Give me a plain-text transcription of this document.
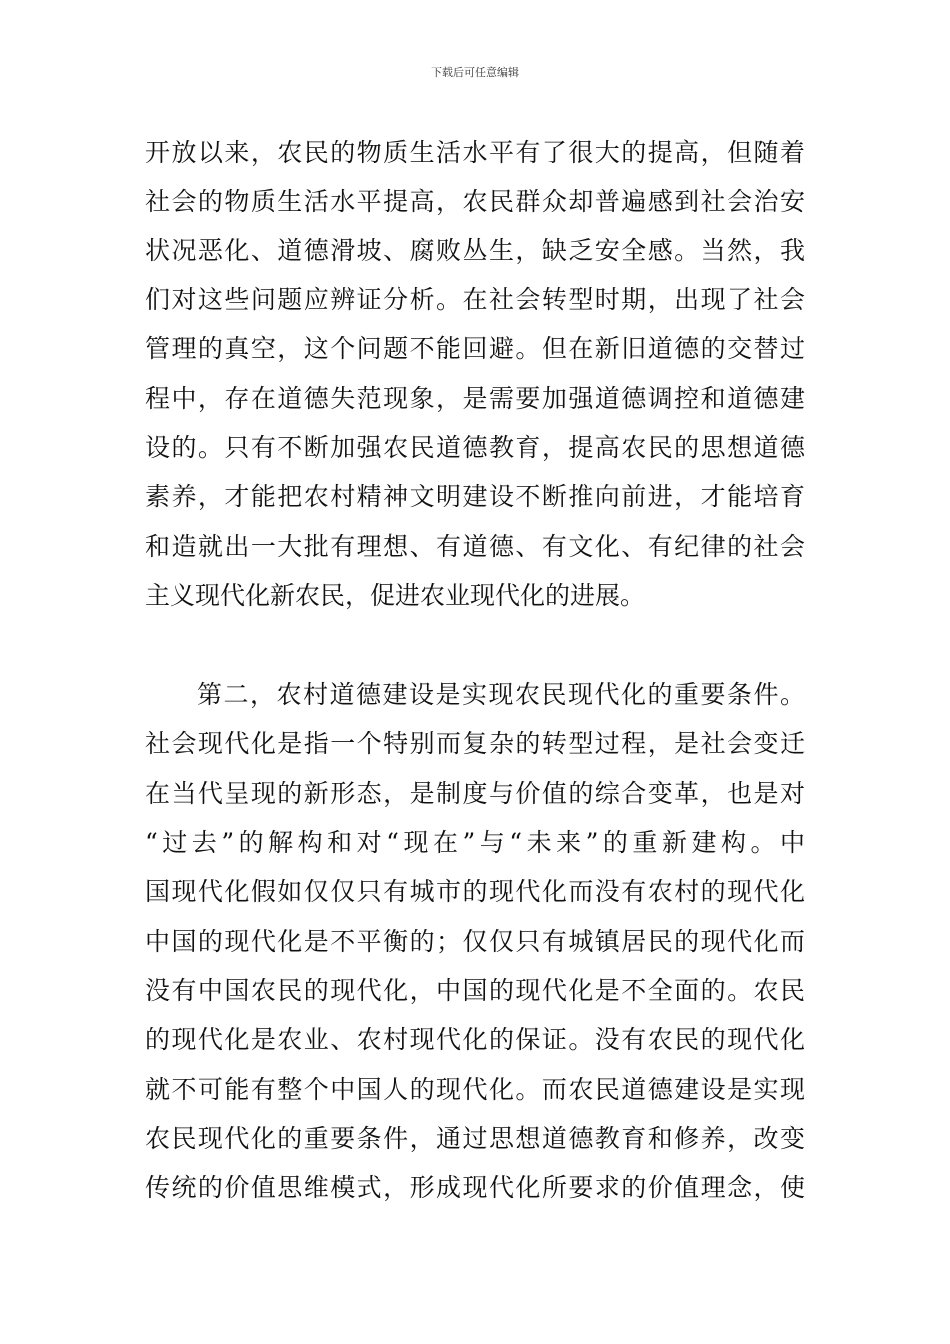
下载后可任意编辑
开放以来，农民的物质生活水平有了很大的提高，但随着
社会的物质生活水平提高，农民群众却普遍感到社会治安
状况恶化、道德滑坡、腐败丛生，缺乏安全感。当然，我
们对这些问题应辨证分析。在社会转型时期，出现了社会
管理的真空，这个问题不能回避。但在新旧道德的交替过
程中，存在道德失范现象，是需要加强道德调控和道德建
设的。只有不断加强农民道德教育，提高农民的思想道德
素养，才能把农村精神文明建设不断推向前进，才能培育
和造就出一大批有理想、有道德、有文化、有纪律的社会
主义现代化新农民，促进农业现代化的进展。
第二，农村道德建设是实现农民现代化的重要条件。
社会现代化是指一个特别而复杂的转型过程，是社会变迁
在当代呈现的新形态，是制度与价值的综合变革，也是对
“过去”的解构和对“现在”与“未来”的重新建构。中
国现代化假如仅仅只有城市的现代化而没有农村的现代化
中国的现代化是不平衡的；仅仅只有城镇居民的现代化而
没有中国农民的现代化，中国的现代化是不全面的。农民
的现代化是农业、农村现代化的保证。没有农民的现代化
就不可能有整个中国人的现代化。而农民道德建设是实现
农民现代化的重要条件，通过思想道德教育和修养，改变
传统的价值思维模式，形成现代化所要求的价值理念，使
